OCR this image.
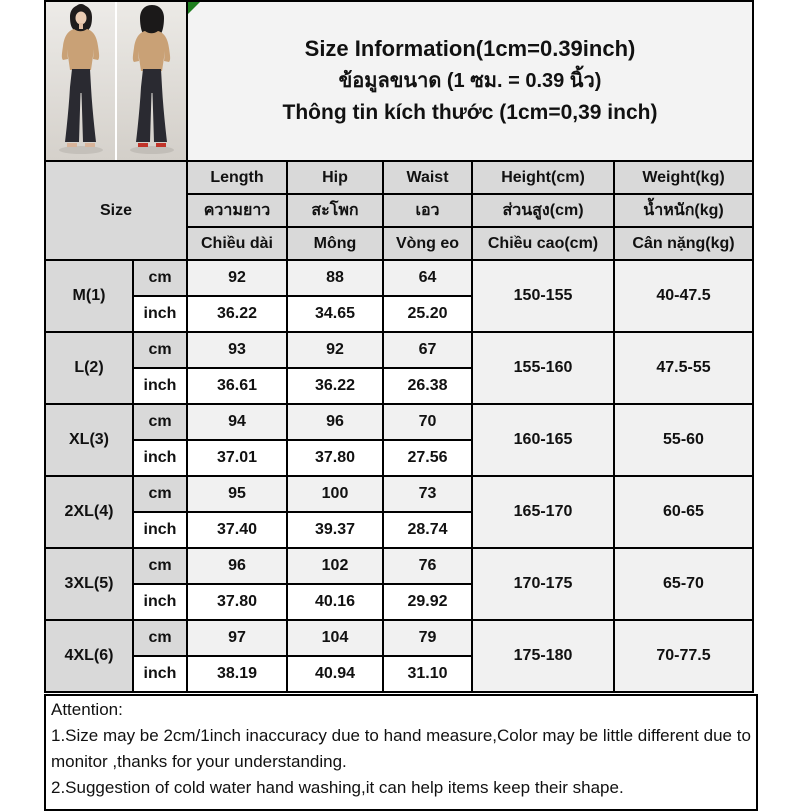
Size Information(1cm=0.39inch)
ข้อมูลขนาด (1 ซม. = 0.39 นิ้ว)
Thông tin kích thước (1cm=0,39 inch)				

Size		Length	Hip	Waist	Height(cm)	Weight(kg)
		ความยาว	สะโพก	เอว	ส่วนสูง(cm)	น้ำหนัก(kg)
		Chiều dài	Mông	Vòng eo	Chiều cao(cm)	Cân nặng(kg)
M(1)	cm	92	88	64	150-155	40-47.5
	inch	36.22	34.65	25.20		
L(2)	cm	93	92	67	155-160	47.5-55
	inch	36.61	36.22	26.38		
XL(3)	cm	94	96	70	160-165	55-60
	inch	37.01	37.80	27.56		
2XL(4)	cm	95	100	73	165-170	60-65
	inch	37.40	39.37	28.74		
3XL(5)	cm	96	102	76	170-175	65-70
	inch	37.80	40.16	29.92		
4XL(6)	cm	97	104	79	175-180	70-77.5
	inch	38.19	40.94	31.10		
Attention:
1.Size may be 2cm/1inch inaccuracy due to hand measure,Color may be little different due to monitor ,thanks for your understanding.
2.Suggestion of cold water hand washing,it can help items keep their shape.
